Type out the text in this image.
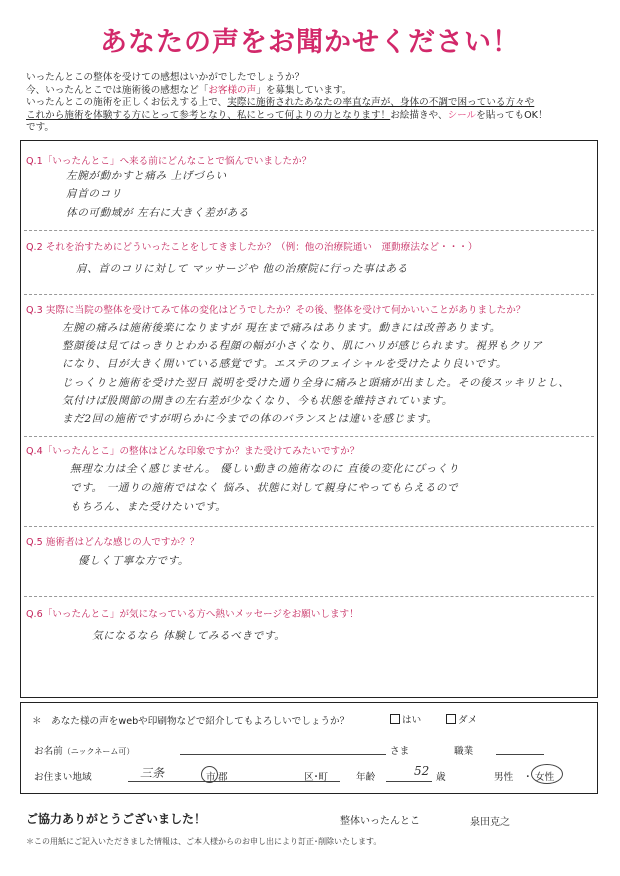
あなたの声をお聞かせください！
いったんとこの整体を受けての感想はいかがでしたでしょうか？
今、いったんとこでは施術後の感想など「お客様の声」を募集しています。
いったんとこの施術を正しくお伝えする上で、実際に施術されたあなたの率直な声が、身体の不調で困っている方々や
これから施術を体験する方にとって参考となり、私にとって何よりの力となります！お絵描きや、シールを貼ってもOK！
です。
Q.1「いったんとこ」へ来る前にどんなことで悩んでいましたか？
左腕が動かすと痛み 上げづらい
肩首のコリ
体の可動域が 左右に大きく差がある
Q.2 それを治すためにどういったことをしてきましたか？（例：他の治療院通い　運動療法など・・・）
肩、首のコリに対して マッサージや 他の治療院に行った事はある
Q.3 実際に当院の整体を受けてみて体の変化はどうでしたか？その後、整体を受けて何かいいことがありましたか？
左腕の痛みは施術後楽になりますが 現在まで痛みはあります。動きには改善あります。
整顔後は見てはっきりとわかる程顔の幅が小さくなり、肌にハリが感じられます。視界もクリア
になり、目が大きく開いている感覚です。エステのフェイシャルを受けたより良いです。
じっくりと施術を受けた翌日 説明を受けた通り全身に痛みと頭痛が出ました。その後スッキリとし、
気付けば股関節の開きの左右差が少なくなり、今も状態を維持されています。
まだ2回の施術ですが明らかに今までの体のバランスとは違いを感じます。
Q.4「いったんとこ」の整体はどんな印象ですか？また受けてみたいですか？
無理な力は全く感じません。 優しい動きの施術なのに 直後の変化にびっくり
です。 一通りの施術ではなく 悩み、状態に対して親身にやってもらえるので
もちろん、また受けたいです。
Q.5 施術者はどんな感じの人ですか？？
優しく丁寧な方です。
Q.6「いったんとこ」が気になっている方へ熱いメッセージをお願いします！
気になるなら 体験してみるべきです。
＊　あなた様の声をwebや印刷物などで紹介してもよろしいでしょうか？	はい	ダメ
お名前（ニックネーム可）	さま	職業
お住まい地域	三条	市 郡	区･町	年齢	52 歳	男性 ・ 女性
ご協力ありがとうございました！	整体いったんとこ	泉田克之
＊この用紙にご記入いただきました情報は、ご本人様からのお申し出により訂正･削除いたします。
